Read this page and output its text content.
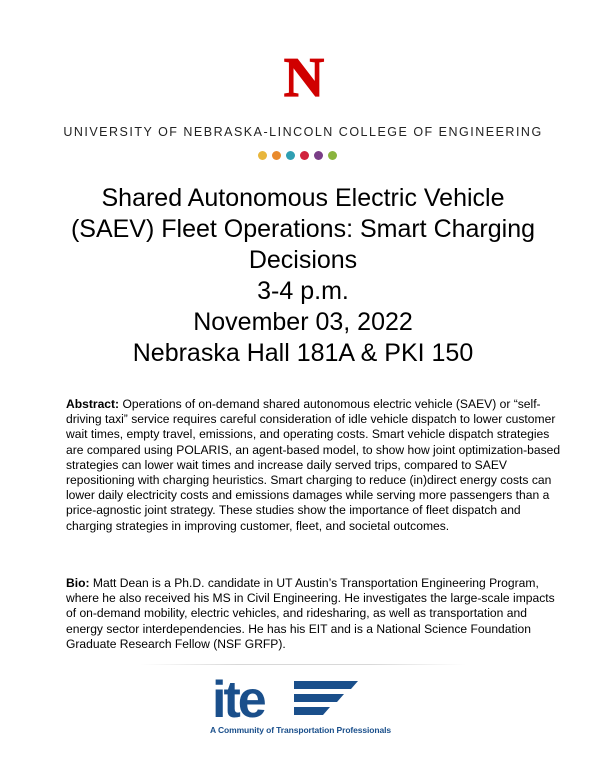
N
UNIVERSITY OF NEBRASKA-LINCOLN COLLEGE OF ENGINEERING
Shared Autonomous Electric Vehicle
(SAEV) Fleet Operations: Smart Charging
Decisions
3-4 p.m.
November 03, 2022
Nebraska Hall 181A & PKI 150

Abstract: Operations of on-demand shared autonomous electric vehicle (SAEV) or “self-driving taxi” service requires careful consideration of idle vehicle dispatch to lower customer wait times, empty travel, emissions, and operating costs. Smart vehicle dispatch strategies are compared using POLARIS, an agent-based model, to show how joint optimization-based strategies can lower wait times and increase daily served trips, compared to SAEV repositioning with charging heuristics. Smart charging to reduce (in)direct energy costs can lower daily electricity costs and emissions damages while serving more passengers than a price-agnostic joint strategy. These studies show the importance of fleet dispatch and charging strategies in improving customer, fleet, and societal outcomes.

Bio: Matt Dean is a Ph.D. candidate in UT Austin’s Transportation Engineering Program, where he also received his MS in Civil Engineering. He investigates the large-scale impacts of on-demand mobility, electric vehicles, and ridesharing, as well as transportation and energy sector interdependencies. He has his EIT and is a National Science Foundation Graduate Research Fellow (NSF GRFP).

ite
A Community of Transportation Professionals
